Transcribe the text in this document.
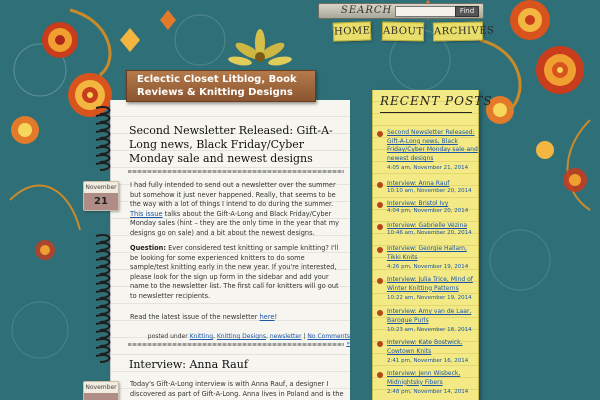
SEARCH	Find
HOME ABOUT ARCHIVES
Eclectic Closet Litblog, Book Reviews & Knitting Designs
Second Newsletter Released: Gift-A-Long news, Black Friday/Cyber Monday sale and newest designs
November
21
I had fully intended to send out a newsletter over the summer but somehow it just never happened. Really, that seems to be the way with a lot of things I intend to do during the summer. This issue talks about the Gift-A-Long and Black Friday/Cyber Monday sales (hint – they are the only time in the year that my designs go on sale) and a bit about the newest designs.
Question: Ever considered test knitting or sample knitting? I'll be looking for some experienced knitters to do some sample/test knitting early in the new year. If you're interested, please look for the sign up form in the sidebar and add your name to the newsletter list. The first call for knitters will go out to newsletter recipients.
Read the latest issue of the newsletter here!
posted under Knitting, Knitting Designs, newsletter | No Comments »
Interview: Anna Rauf
November Today's Gift-A-Long interview is with Anna Rauf, a designer I discovered as part of Gift-A-Long. Anna lives in Poland and is the
RECENT POSTS
Second Newsletter Released: Gift-A-Long news, Black Friday/Cyber Monday sale and newest designs
4:05 am, November 21, 2014
Interview: Anna Rauf
10:10 am, November 20, 2014
Interview: Bristol Ivy
4:04 pm, November 20, 2014
Interview: Gabrielle Vézina
10:46 am, November 20, 2014
Interview: Georgie Hallam, Tikki Knits
4:26 pm, November 19, 2014
Interview: Julia Trice, Mind of Winter Knitting Patterns
10:22 am, November 19, 2014
Interview: Amy van de Laar, Baroque Purls
10:23 am, November 18, 2014
Interview: Kate Bostwick, Cowtown Knits
2:41 pm, November 16, 2014
Interview: Jenn Wisbeck, Midnightsky Fibers
2:48 pm, November 14, 2014
